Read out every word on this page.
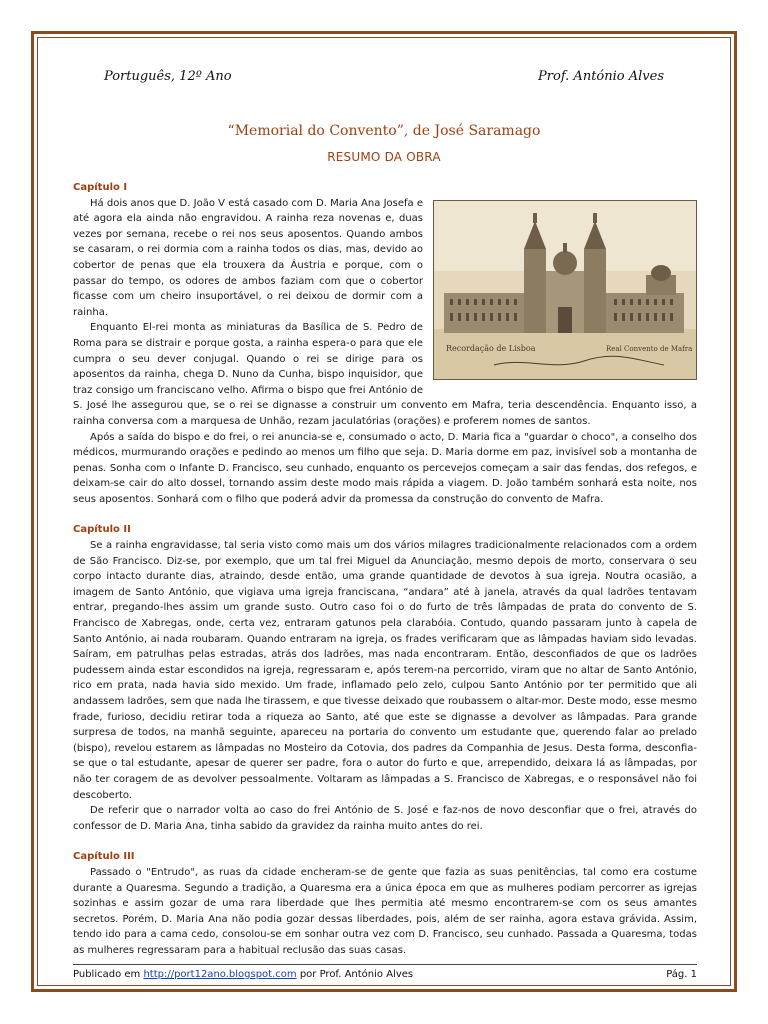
Português, 12º Ano	Prof. António Alves
“Memorial do Convento”, de José Saramago
RESUMO DA OBRA
Capítulo I
Recordação de Lisboa	Real Convento de Mafra

Há dois anos que D. João V está casado com D. Maria Ana Josefa e até agora ela ainda não engravidou. A rainha reza novenas e, duas vezes por semana, recebe o rei nos seus aposentos. Quando ambos se casaram, o rei dormia com a rainha todos os dias, mas, devido ao cobertor de penas que ela trouxera da Áustria e porque, com o passar do tempo, os odores de ambos faziam com que o cobertor ficasse com um cheiro insuportável, o rei deixou de dormir com a rainha.

Enquanto El-rei monta as miniaturas da Basílica de S. Pedro de Roma para se distrair e porque gosta, a rainha espera-o para que ele cumpra o seu dever conjugal. Quando o rei se dirige para os aposentos da rainha, chega D. Nuno da Cunha, bispo inquisidor, que traz consigo um franciscano velho. Afirma o bispo que frei António de S. José lhe assegurou que, se o rei se dignasse a construir um convento em Mafra, teria descendência. Enquanto isso, a rainha conversa com a marquesa de Unhão, rezam jaculatórias (orações) e proferem nomes de santos.

Após a saída do bispo e do frei, o rei anuncia-se e, consumado o acto, D. Maria fica a "guardar o choco", a conselho dos médicos, murmurando orações e pedindo ao menos um filho que seja. D. Maria dorme em paz, invisível sob a montanha de penas. Sonha com o Infante D. Francisco, seu cunhado, enquanto os percevejos começam a sair das fendas, dos refegos, e deixam-se cair do alto dossel, tornando assim deste modo mais rápida a viagem. D. João também sonhará esta noite, nos seus aposentos. Sonhará com o filho que poderá advir da promessa da construção do convento de Mafra.

Capítulo II

Se a rainha engravidasse, tal seria visto como mais um dos vários milagres tradicionalmente relacionados com a ordem de São Francisco. Diz-se, por exemplo, que um tal frei Miguel da Anunciação, mesmo depois de morto, conservara o seu corpo intacto durante dias, atraindo, desde então, uma grande quantidade de devotos à sua igreja. Noutra ocasião, a imagem de Santo António, que vigiava uma igreja franciscana, “andara” até à janela, através da qual ladrões tentavam entrar, pregando-lhes assim um grande susto. Outro caso foi o do furto de três lâmpadas de prata do convento de S. Francisco de Xabregas, onde, certa vez, entraram gatunos pela clarabóia. Contudo, quando passaram junto à capela de Santo António, ai nada roubaram. Quando entraram na igreja, os frades verificaram que as lâmpadas haviam sido levadas. Saíram, em patrulhas pelas estradas, atrás dos ladrões, mas nada encontraram. Então, desconfiados de que os ladrões pudessem ainda estar escondidos na igreja, regressaram e, após terem-na percorrido, viram que no altar de Santo António, rico em prata, nada havia sido mexido. Um frade, inflamado pelo zelo, culpou Santo António por ter permitido que ali andassem ladrões, sem que nada lhe tirassem, e que tivesse deixado que roubassem o altar-mor. Deste modo, esse mesmo frade, furioso, decidiu retirar toda a riqueza ao Santo, até que este se dignasse a devolver as lâmpadas. Para grande surpresa de todos, na manhã seguinte, apareceu na portaria do convento um estudante que, querendo falar ao prelado (bispo), revelou estarem as lâmpadas no Mosteiro da Cotovia, dos padres da Companhia de Jesus. Desta forma, desconfia-se que o tal estudante, apesar de querer ser padre, fora o autor do furto e que, arrependido, deixara lá as lâmpadas, por não ter coragem de as devolver pessoalmente. Voltaram as lâmpadas a S. Francisco de Xabregas, e o responsável não foi descoberto.

De referir que o narrador volta ao caso do frei António de S. José e faz-nos de novo desconfiar que o frei, através do confessor de D. Maria Ana, tinha sabido da gravidez da rainha muito antes do rei.

Capítulo III

Passado o "Entrudo", as ruas da cidade encheram-se de gente que fazia as suas penitências, tal como era costume durante a Quaresma. Segundo a tradição, a Quaresma era a única época em que as mulheres podiam percorrer as igrejas sozinhas e assim gozar de uma rara liberdade que lhes permitia até mesmo encontrarem-se com os seus amantes secretos. Porém, D. Maria Ana não podia gozar dessas liberdades, pois, além de ser rainha, agora estava grávida. Assim, tendo ido para a cama cedo, consolou-se em sonhar outra vez com D. Francisco, seu cunhado. Passada a Quaresma, todas as mulheres regressaram para a habitual reclusão das suas casas.

Publicado em http://port12ano.blogspot.com por Prof. António Alves	Pág. 1
